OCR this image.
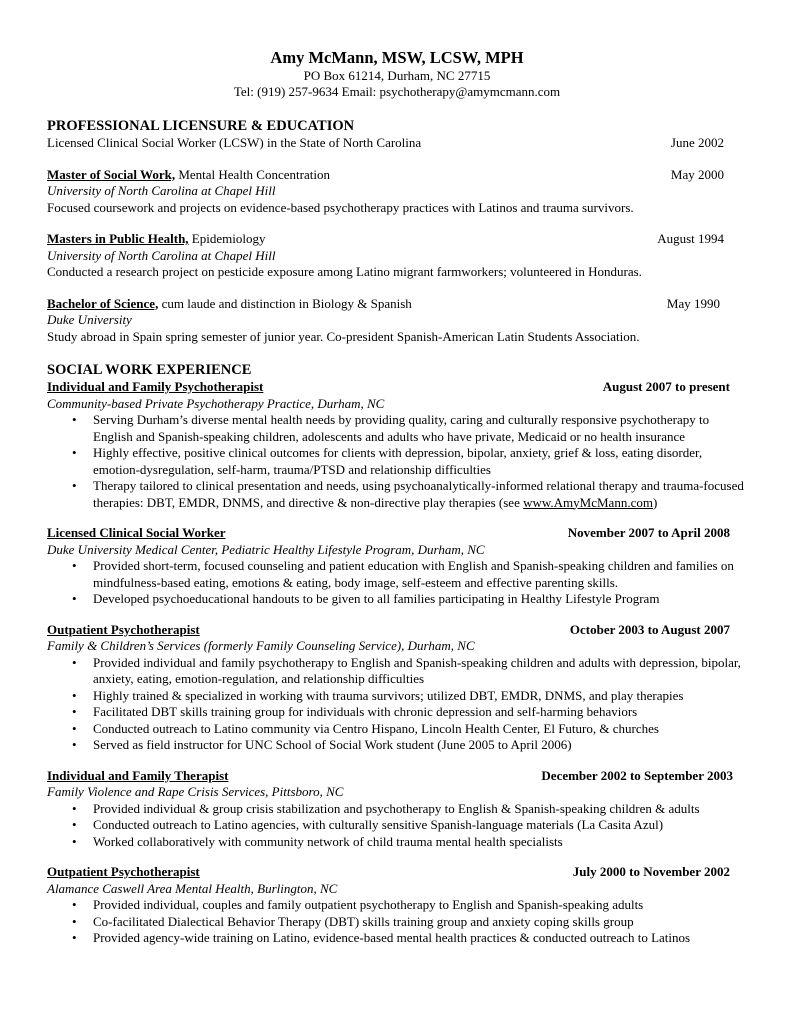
Amy McMann, MSW, LCSW, MPH
PO Box 61214, Durham, NC 27715
Tel: (919) 257-9634 Email: psychotherapy@amymcmann.com
PROFESSIONAL LICENSURE & EDUCATION
Licensed Clinical Social Worker (LCSW) in the State of North Carolina	June 2002
Master of Social Work, Mental Health Concentration	May 2000
University of North Carolina at Chapel Hill
Focused coursework and projects on evidence-based psychotherapy practices with Latinos and trauma survivors.
Masters in Public Health, Epidemiology	August 1994
University of North Carolina at Chapel Hill
Conducted a research project on pesticide exposure among Latino migrant farmworkers; volunteered in Honduras.
Bachelor of Science, cum laude and distinction in Biology & Spanish	May 1990
Duke University
Study abroad in Spain spring semester of junior year. Co-president Spanish-American Latin Students Association.
SOCIAL WORK EXPERIENCE
Individual and Family Psychotherapist	August 2007 to present
Community-based Private Psychotherapy Practice, Durham, NC
• Serving Durham’s diverse mental health needs by providing quality, caring and culturally responsive psychotherapy to English and Spanish-speaking children, adolescents and adults who have private, Medicaid or no health insurance
• Highly effective, positive clinical outcomes for clients with depression, bipolar, anxiety, grief & loss, eating disorder, emotion-dysregulation, self-harm, trauma/PTSD and relationship difficulties
• Therapy tailored to clinical presentation and needs, using psychoanalytically-informed relational therapy and trauma-focused therapies: DBT, EMDR, DNMS, and directive & non-directive play therapies (see www.AmyMcMann.com)
Licensed Clinical Social Worker	November 2007 to April 2008
Duke University Medical Center, Pediatric Healthy Lifestyle Program, Durham, NC
• Provided short-term, focused counseling and patient education with English and Spanish-speaking children and families on mindfulness-based eating, emotions & eating, body image, self-esteem and effective parenting skills.
• Developed psychoeducational handouts to be given to all families participating in Healthy Lifestyle Program
Outpatient Psychotherapist	October 2003 to August 2007
Family & Children’s Services (formerly Family Counseling Service), Durham, NC
• Provided individual and family psychotherapy to English and Spanish-speaking children and adults with depression, bipolar, anxiety, eating, emotion-regulation, and relationship difficulties
• Highly trained & specialized in working with trauma survivors; utilized DBT, EMDR, DNMS, and play therapies
• Facilitated DBT skills training group for individuals with chronic depression and self-harming behaviors
• Conducted outreach to Latino community via Centro Hispano, Lincoln Health Center, El Futuro, & churches
• Served as field instructor for UNC School of Social Work student (June 2005 to April 2006)
Individual and Family Therapist	December 2002 to September 2003
Family Violence and Rape Crisis Services, Pittsboro, NC
• Provided individual & group crisis stabilization and psychotherapy to English & Spanish-speaking children & adults
• Conducted outreach to Latino agencies, with culturally sensitive Spanish-language materials (La Casita Azul)
• Worked collaboratively with community network of child trauma mental health specialists
Outpatient Psychotherapist	July 2000 to November 2002
Alamance Caswell Area Mental Health, Burlington, NC
• Provided individual, couples and family outpatient psychotherapy to English and Spanish-speaking adults
• Co-facilitated Dialectical Behavior Therapy (DBT) skills training group and anxiety coping skills group
• Provided agency-wide training on Latino, evidence-based mental health practices & conducted outreach to Latinos
